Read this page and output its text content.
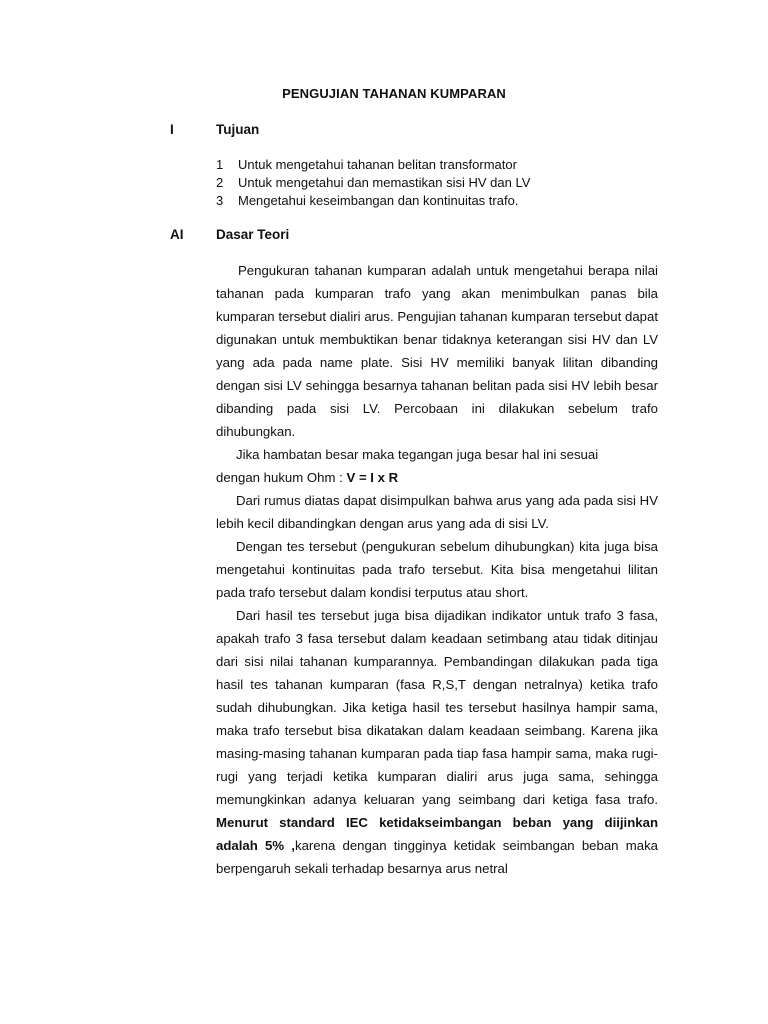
PENGUJIAN TAHANAN KUMPARAN
I	Tujuan
1 Untuk mengetahui tahanan belitan transformator
2 Untuk mengetahui dan memastikan sisi HV dan LV
3 Mengetahui keseimbangan dan kontinuitas trafo.
AI Dasar Teori

Pengukuran tahanan kumparan adalah untuk mengetahui berapa nilai tahanan pada kumparan trafo yang akan menimbulkan panas bila kumparan tersebut dialiri arus. Pengujian tahanan kumparan tersebut dapat digunakan untuk membuktikan benar tidaknya keterangan sisi HV dan LV yang ada pada name plate. Sisi HV memiliki banyak lilitan dibanding dengan sisi LV sehingga besarnya tahanan belitan pada sisi HV lebih besar dibanding pada sisi LV. Percobaan ini dilakukan sebelum trafo dihubungkan.

Jika hambatan besar maka tegangan juga besar hal ini sesuai

dengan hukum Ohm : V = I x R

Dari rumus diatas dapat disimpulkan bahwa arus yang ada pada sisi HV lebih kecil dibandingkan dengan arus yang ada di sisi LV.

Dengan tes tersebut (pengukuran sebelum dihubungkan) kita juga bisa mengetahui kontinuitas pada trafo tersebut. Kita bisa mengetahui lilitan pada trafo tersebut dalam kondisi terputus atau short.

Dari hasil tes tersebut juga bisa dijadikan indikator untuk trafo 3 fasa, apakah trafo 3 fasa tersebut dalam keadaan setimbang atau tidak ditinjau dari sisi nilai tahanan kumparannya. Pembandingan dilakukan pada tiga hasil tes tahanan kumparan (fasa R,S,T dengan netralnya) ketika trafo sudah dihubungkan. Jika ketiga hasil tes tersebut hasilnya hampir sama, maka trafo tersebut bisa dikatakan dalam keadaan seimbang. Karena jika masing-masing tahanan kumparan pada tiap fasa hampir sama, maka rugi-rugi yang terjadi ketika kumparan dialiri arus juga sama, sehingga memungkinkan adanya keluaran yang seimbang dari ketiga fasa trafo. Menurut standard IEC ketidakseimbangan beban yang diijinkan adalah 5% ,karena dengan tingginya ketidak seimbangan beban maka berpengaruh sekali terhadap besarnya arus netral
